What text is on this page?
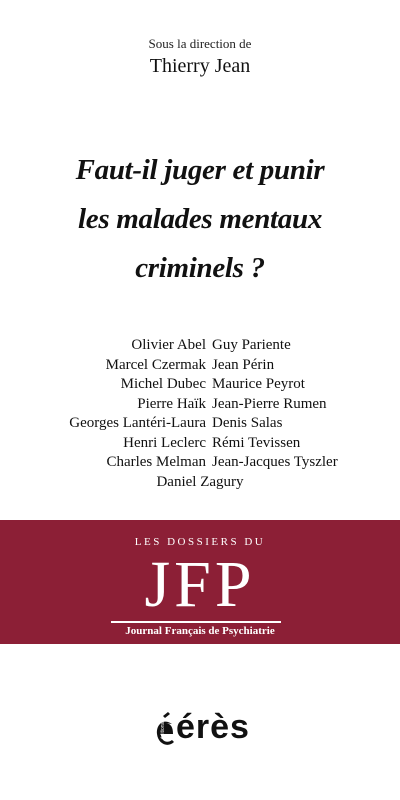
Sous la direction de
Thierry Jean
Faut-il juger et punir
les malades mentaux
criminels ?
Olivier Abel Guy Pariente
Marcel Czermak Jean Périn
Michel Dubec Maurice Peyrot
Pierre Haïk Jean-Pierre Rumen
Georges Lantéri-Laura Denis Salas
Henri Leclerc Rémi Tevissen
Charles Melman Jean-Jacques Tyszler
Daniel Zagury
LES DOSSIERS DU
JFP
Journal Français de Psychiatrie
éditions érès
